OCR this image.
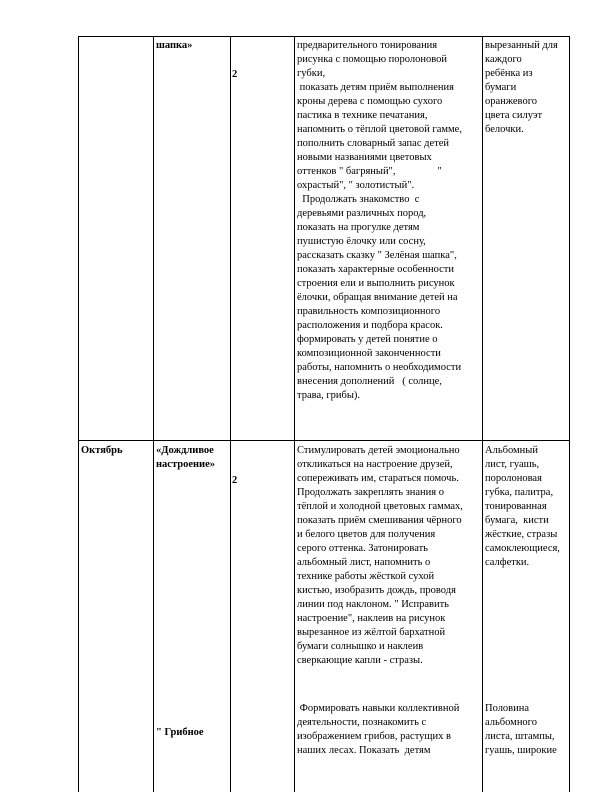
шапка»

2

предварительного тонирования

рисунка с помощью поролоновой

губки,

показать детям приём выполнения

кроны дерева с помощью сухого

пастика в технике печатания,

напомнить о тёплой цветовой гамме,

пополнить словарный запас детей

новыми названиями цветовых

оттенков " багряный",                "

охрастый", " золотистый".

Продолжать знакомство  с

деревьями различных пород,

показать на прогулке детям

пушистую ёлочку или сосну,

рассказать сказку " Зелёная шапка",

показать характерные особенности

строения ели и выполнить рисунок

ёлочки, обращая внимание детей на

правильность композиционного

расположения и подбора красок.

формировать у детей понятие о

композиционной законченности

работы, напомнить о необходимости

внесения дополнений   ( солнце,

трава, грибы).

вырезанный для

каждого

ребёнка из

бумаги

оранжевого

цвета силуэт

белочки.

Октябрь	«Дождливое

настроение»

2

Стимулировать детей эмоционально

откликаться на настроение друзей,

сопереживать им, стараться помочь.

Продолжать закреплять знания о

тёплой и холодной цветовых гаммах,

показать приём смешивания чёрного

и белого цветов для получения

серого оттенка. Затонировать

альбомный лист, напомнить о

технике работы жёсткой сухой

кистью, изобразить дождь, проводя

линии под наклоном. " Исправить

настроение", наклеив на рисунок

вырезанное из жёлтой бархатной

бумаги солнышко и наклеив

сверкающие капли - стразы.

Альбомный

лист, гуашь,

поролоновая

губка, палитра,

тонированная

бумага,  кисти

жёсткие, стразы

самоклеющиеся,

салфетки.

" Грибное

Формировать навыки коллективной

деятельности, познакомить с

изображением грибов, растущих в

наших лесах. Показать  детям

Половина

альбомного

листа, штампы,

гуашь, широкие
